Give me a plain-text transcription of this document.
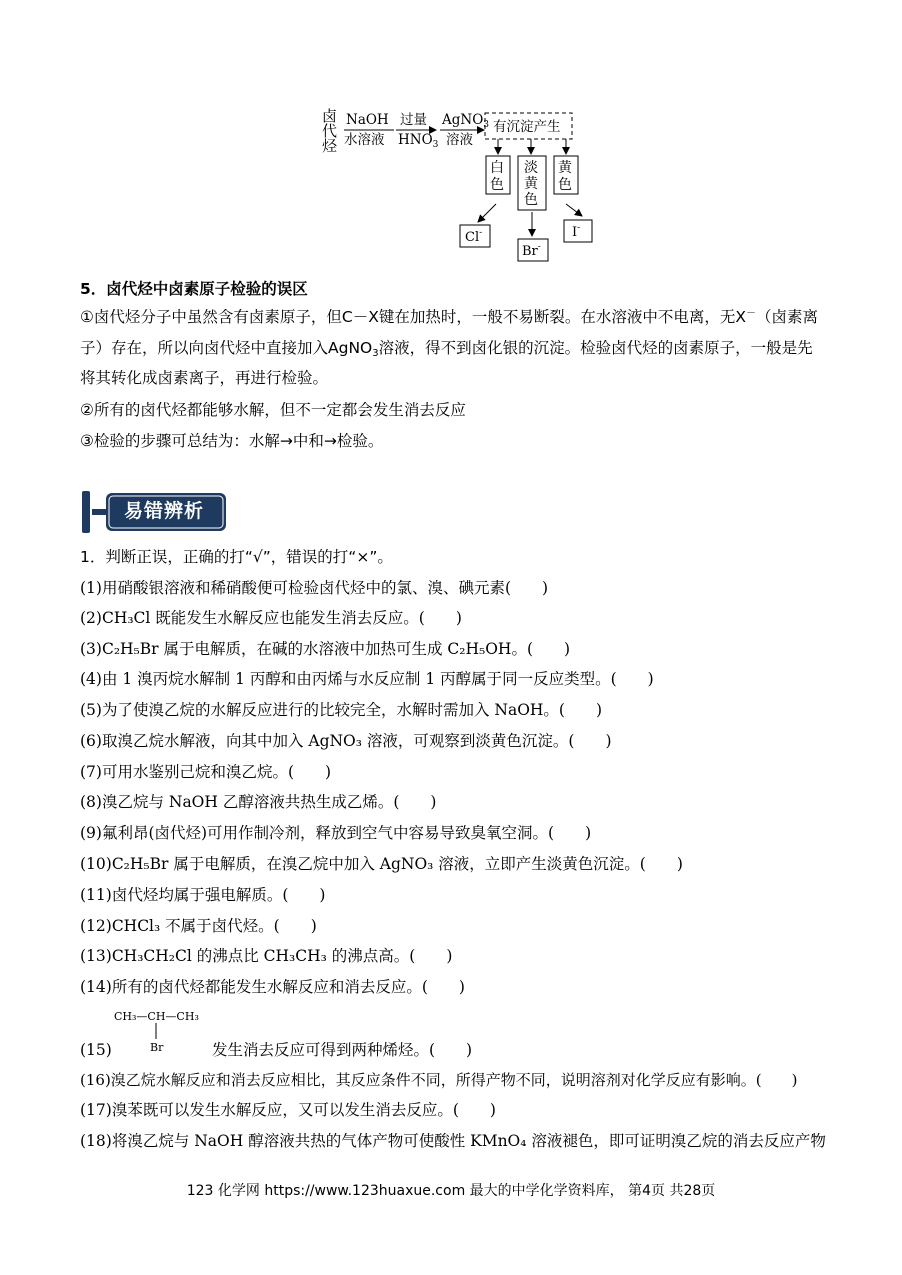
卤
代
烃
NaOH
水溶液
过量
$HNO_3$
AgNO$_3$
溶液
有沉淀产生
白
色
淡
黄
色
黄
色
Cl-
Br-
I-
5．卤代烃中卤素原子检验的误区
①卤代烃分子中虽然含有卤素原子，但C－X键在加热时，一般不易断裂。在水溶液中不电离，无X－（卤素离子）存在，所以向卤代烃中直接加入AgNO$_3$溶液，得不到卤化银的沉淀。检验卤代烃的卤素原子，一般是先将其转化成卤素离子，再进行检验。
②所有的卤代烃都能够水解，但不一定都会发生消去反应
③检验的步骤可总结为：水解→中和→检验。
易错辨析
1．判断正误，正确的打“√”，错误的打“×”。
(1)用硝酸银溶液和稀硝酸便可检验卤代烃中的氯、溴、碘元素(　　)
(2)CH₃Cl 既能发生水解反应也能发生消去反应。(　　)
(3)C₂H₅Br 属于电解质，在碱的水溶液中加热可生成 C₂H₅OH。(　　)
(4)由 1 溴丙烷水解制 1 丙醇和由丙烯与水反应制 1 丙醇属于同一反应类型。(　　)
(5)为了使溴乙烷的水解反应进行的比较完全，水解时需加入 NaOH。(　　)
(6)取溴乙烷水解液，向其中加入 AgNO₃ 溶液，可观察到淡黄色沉淀。(　　)
(7)可用水鉴别己烷和溴乙烷。(　　)
(8)溴乙烷与 NaOH 乙醇溶液共热生成乙烯。(　　)
(9)氟利昂(卤代烃)可用作制冷剂，释放到空气中容易导致臭氧空洞。(　　)
(10)C₂H₅Br 属于电解质，在溴乙烷中加入 AgNO₃ 溶液，立即产生淡黄色沉淀。(　　)
(11)卤代烃均属于强电解质。(　　)
(12)CHCl₃ 不属于卤代烃。(　　)
(13)CH₃CH₂Cl 的沸点比 CH₃CH₃ 的沸点高。(　　)
(14)所有的卤代烃都能发生水解反应和消去反应。(　　)
CH₃—CH—CH₃
Br
(15)	发生消去反应可得到两种烯烃。(　　)
(16)溴乙烷水解反应和消去反应相比，其反应条件不同，所得产物不同，说明溶剂对化学反应有影响。(　　)
(17)溴苯既可以发生水解反应，又可以发生消去反应。(　　)
(18)将溴乙烷与 NaOH 醇溶液共热的气体产物可使酸性 KMnO₄ 溶液褪色，即可证明溴乙烷的消去反应产物
123 化学网 https://www.123huaxue.com 最大的中学化学资料库， 第4页 共28页
